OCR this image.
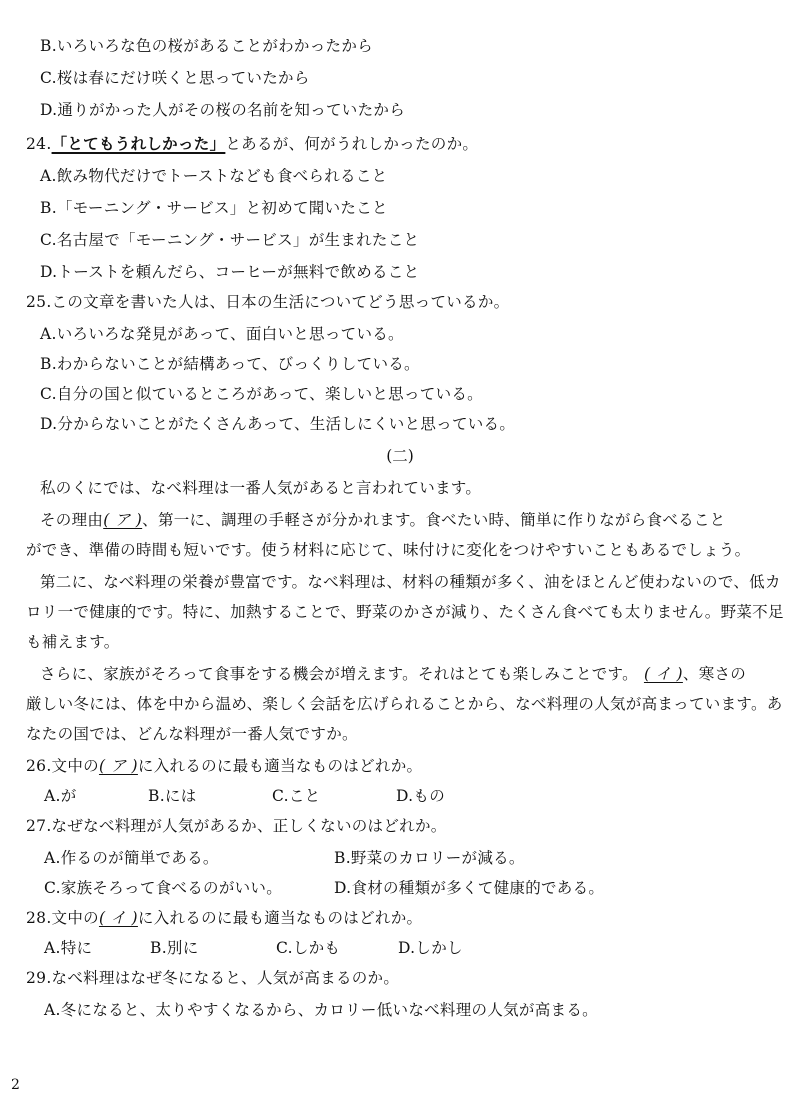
B.いろいろな色の桜があることがわかったから
C.桜は春にだけ咲くと思っていたから
D.通りがかった人がその桜の名前を知っていたから
24.「とてもうれしかった」とあるが、何がうれしかったのか。
A.飲み物代だけでトーストなども食べられること
B.「モーニング・サービス」と初めて聞いたこと
C.名古屋で「モーニング・サービス」が生まれたこと
D.トーストを頼んだら、コーヒーが無料で飲めること
25.この文章を書いた人は、日本の生活についてどう思っているか。
A.いろいろな発見があって、面白いと思っている。
B.わからないことが結構あって、びっくりしている。
C.自分の国と似ているところがあって、楽しいと思っている。
D.分からないことがたくさんあって、生活しにくいと思っている。
(二)
私のくにでは、なべ料理は一番人気があると言われています。
その理由( ア )、第一に、調理の手軽さが分かれます。食べたい時、簡単に作りながら食べること
ができ、準備の時間も短いです。使う材料に応じて、味付けに変化をつけやすいこともあるでしょう。
第二に、なべ料理の栄養が豊富です。なべ料理は、材料の種類が多く、油をほとんど使わないので、低カ
ロリ一で健康的です。特に、加熱することで、野菜のかさが減り、たくさん食べても太りません。野菜不足
も補えます。
さらに、家族がそろって食事をする機会が増えます。それはとても楽しみことです。 ( イ )、寒さの
厳しい冬には、体を中から温め、楽しく会話を広げられることから、なべ料理の人気が高まっています。あ
なたの国では、どんな料理が一番人気ですか。
26.文中の( ア )に入れるのに最も適当なものはどれか。
A.が	B.には	C.こと	D.もの
27.なぜなべ料理が人気があるか、正しくないのはどれか。
A.作るのが簡単である。	B.野菜のカロリーが減る。
C.家族そろって食べるのがいい。	D.食材の種類が多くて健康的である。
28.文中の( イ )に入れるのに最も適当なものはどれか。
A.特に	B.別に	C.しかも	D.しかし
29.なべ料理はなぜ冬になると、人気が高まるのか。
A.冬になると、太りやすくなるから、カロリー低いなべ料理の人気が高まる。
2
